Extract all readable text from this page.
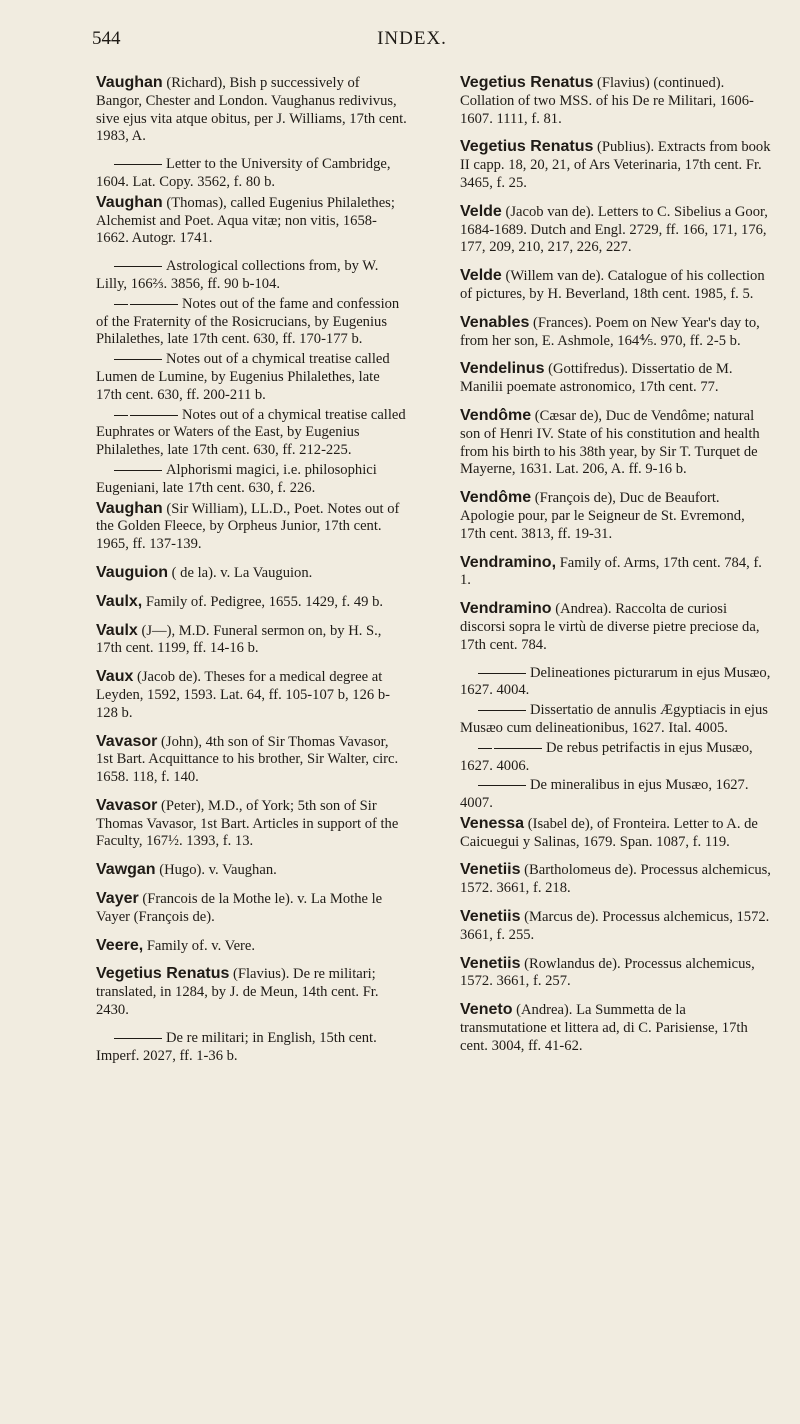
544	INDEX.
Vaughan (Richard), Bish p successively of Bangor, Chester and London. Vaughanus redivivus, sive ejus vita atque obitus, per J. Williams, 17th cent. 1983, A.
Letter to the University of Cambridge, 1604. Lat. Copy. 3562, f. 80 b.
Vaughan (Thomas), called Eugenius Philalethes; Alchemist and Poet. Aqua vitæ; non vitis, 1658-1662. Autogr. 1741.
Astrological collections from, by W. Lilly, 166⅔. 3856, ff. 90 b-104.
Notes out of the fame and confession of the Fraternity of the Rosicrucians, by Eugenius Philalethes, late 17th cent. 630, ff. 170-177 b.
Notes out of a chymical treatise called Lumen de Lumine, by Eugenius Philalethes, late 17th cent. 630, ff. 200-211 b.
Notes out of a chymical treatise called Euphrates or Waters of the East, by Eugenius Philalethes, late 17th cent. 630, ff. 212-225.
Alphorismi magici, i.e. philosophici Eugeniani, late 17th cent. 630, f. 226.
Vaughan (Sir William), LL.D., Poet. Notes out of the Golden Fleece, by Orpheus Junior, 17th cent. 1965, ff. 137-139.
Vauguion ( de la). v. La Vauguion.
Vaulx, Family of. Pedigree, 1655. 1429, f. 49 b.
Vaulx (J—), M.D. Funeral sermon on, by H. S., 17th cent. 1199, ff. 14-16 b.
Vaux (Jacob de). Theses for a medical degree at Leyden, 1592, 1593. Lat. 64, ff. 105-107 b, 126 b-128 b.
Vavasor (John), 4th son of Sir Thomas Vavasor, 1st Bart. Acquittance to his brother, Sir Walter, circ. 1658. 118, f. 140.
Vavasor (Peter), M.D., of York; 5th son of Sir Thomas Vavasor, 1st Bart. Articles in support of the Faculty, 167½. 1393, f. 13.
Vawgan (Hugo). v. Vaughan.
Vayer (Francois de la Mothe le). v. La Mothe le Vayer (François de).
Veere, Family of. v. Vere.
Vegetius Renatus (Flavius). De re militari; translated, in 1284, by J. de Meun, 14th cent. Fr. 2430.
De re militari; in English, 15th cent. Imperf. 2027, ff. 1-36 b.
Vegetius Renatus (Flavius) (continued). Collation of two MSS. of his De re Militari, 1606-1607. 1111, f. 81.
Vegetius Renatus (Publius). Extracts from book II capp. 18, 20, 21, of Ars Veterinaria, 17th cent. Fr. 3465, f. 25.
Velde (Jacob van de). Letters to C. Sibelius a Goor, 1684-1689. Dutch and Engl. 2729, ff. 166, 171, 176, 177, 209, 210, 217, 226, 227.
Velde (Willem van de). Catalogue of his collection of pictures, by H. Beverland, 18th cent. 1985, f. 5.
Venables (Frances). Poem on New Year's day to, from her son, E. Ashmole, 164⅘. 970, ff. 2-5 b.
Vendelinus (Gottifredus). Dissertatio de M. Manilii poemate astronomico, 17th cent. 77.
Vendôme (Cæsar de), Duc de Vendôme; natural son of Henri IV. State of his constitution and health from his birth to his 38th year, by Sir T. Turquet de Mayerne, 1631. Lat. 206, A. ff. 9-16 b.
Vendôme (François de), Duc de Beaufort. Apologie pour, par le Seigneur de St. Evremond, 17th cent. 3813, ff. 19-31.
Vendramino, Family of. Arms, 17th cent. 784, f. 1.
Vendramino (Andrea). Raccolta de curiosi discorsi sopra le virtù de diverse pietre preciose da, 17th cent. 784.
Delineationes picturarum in ejus Musæo, 1627. 4004.
Dissertatio de annulis Ægyptiacis in ejus Musæo cum delineationibus, 1627. Ital. 4005.
De rebus petrifactis in ejus Musæo, 1627. 4006.
De mineralibus in ejus Musæo, 1627. 4007.
Venessa (Isabel de), of Fronteira. Letter to A. de Caicuegui y Salinas, 1679. Span. 1087, f. 119.
Venetiis (Bartholomeus de). Processus alchemicus, 1572. 3661, f. 218.
Venetiis (Marcus de). Processus alchemicus, 1572. 3661, f. 255.
Venetiis (Rowlandus de). Processus alchemicus, 1572. 3661, f. 257.
Veneto (Andrea). La Summetta de la transmutatione et littera ad, di C. Parisiense, 17th cent. 3004, ff. 41-62.
